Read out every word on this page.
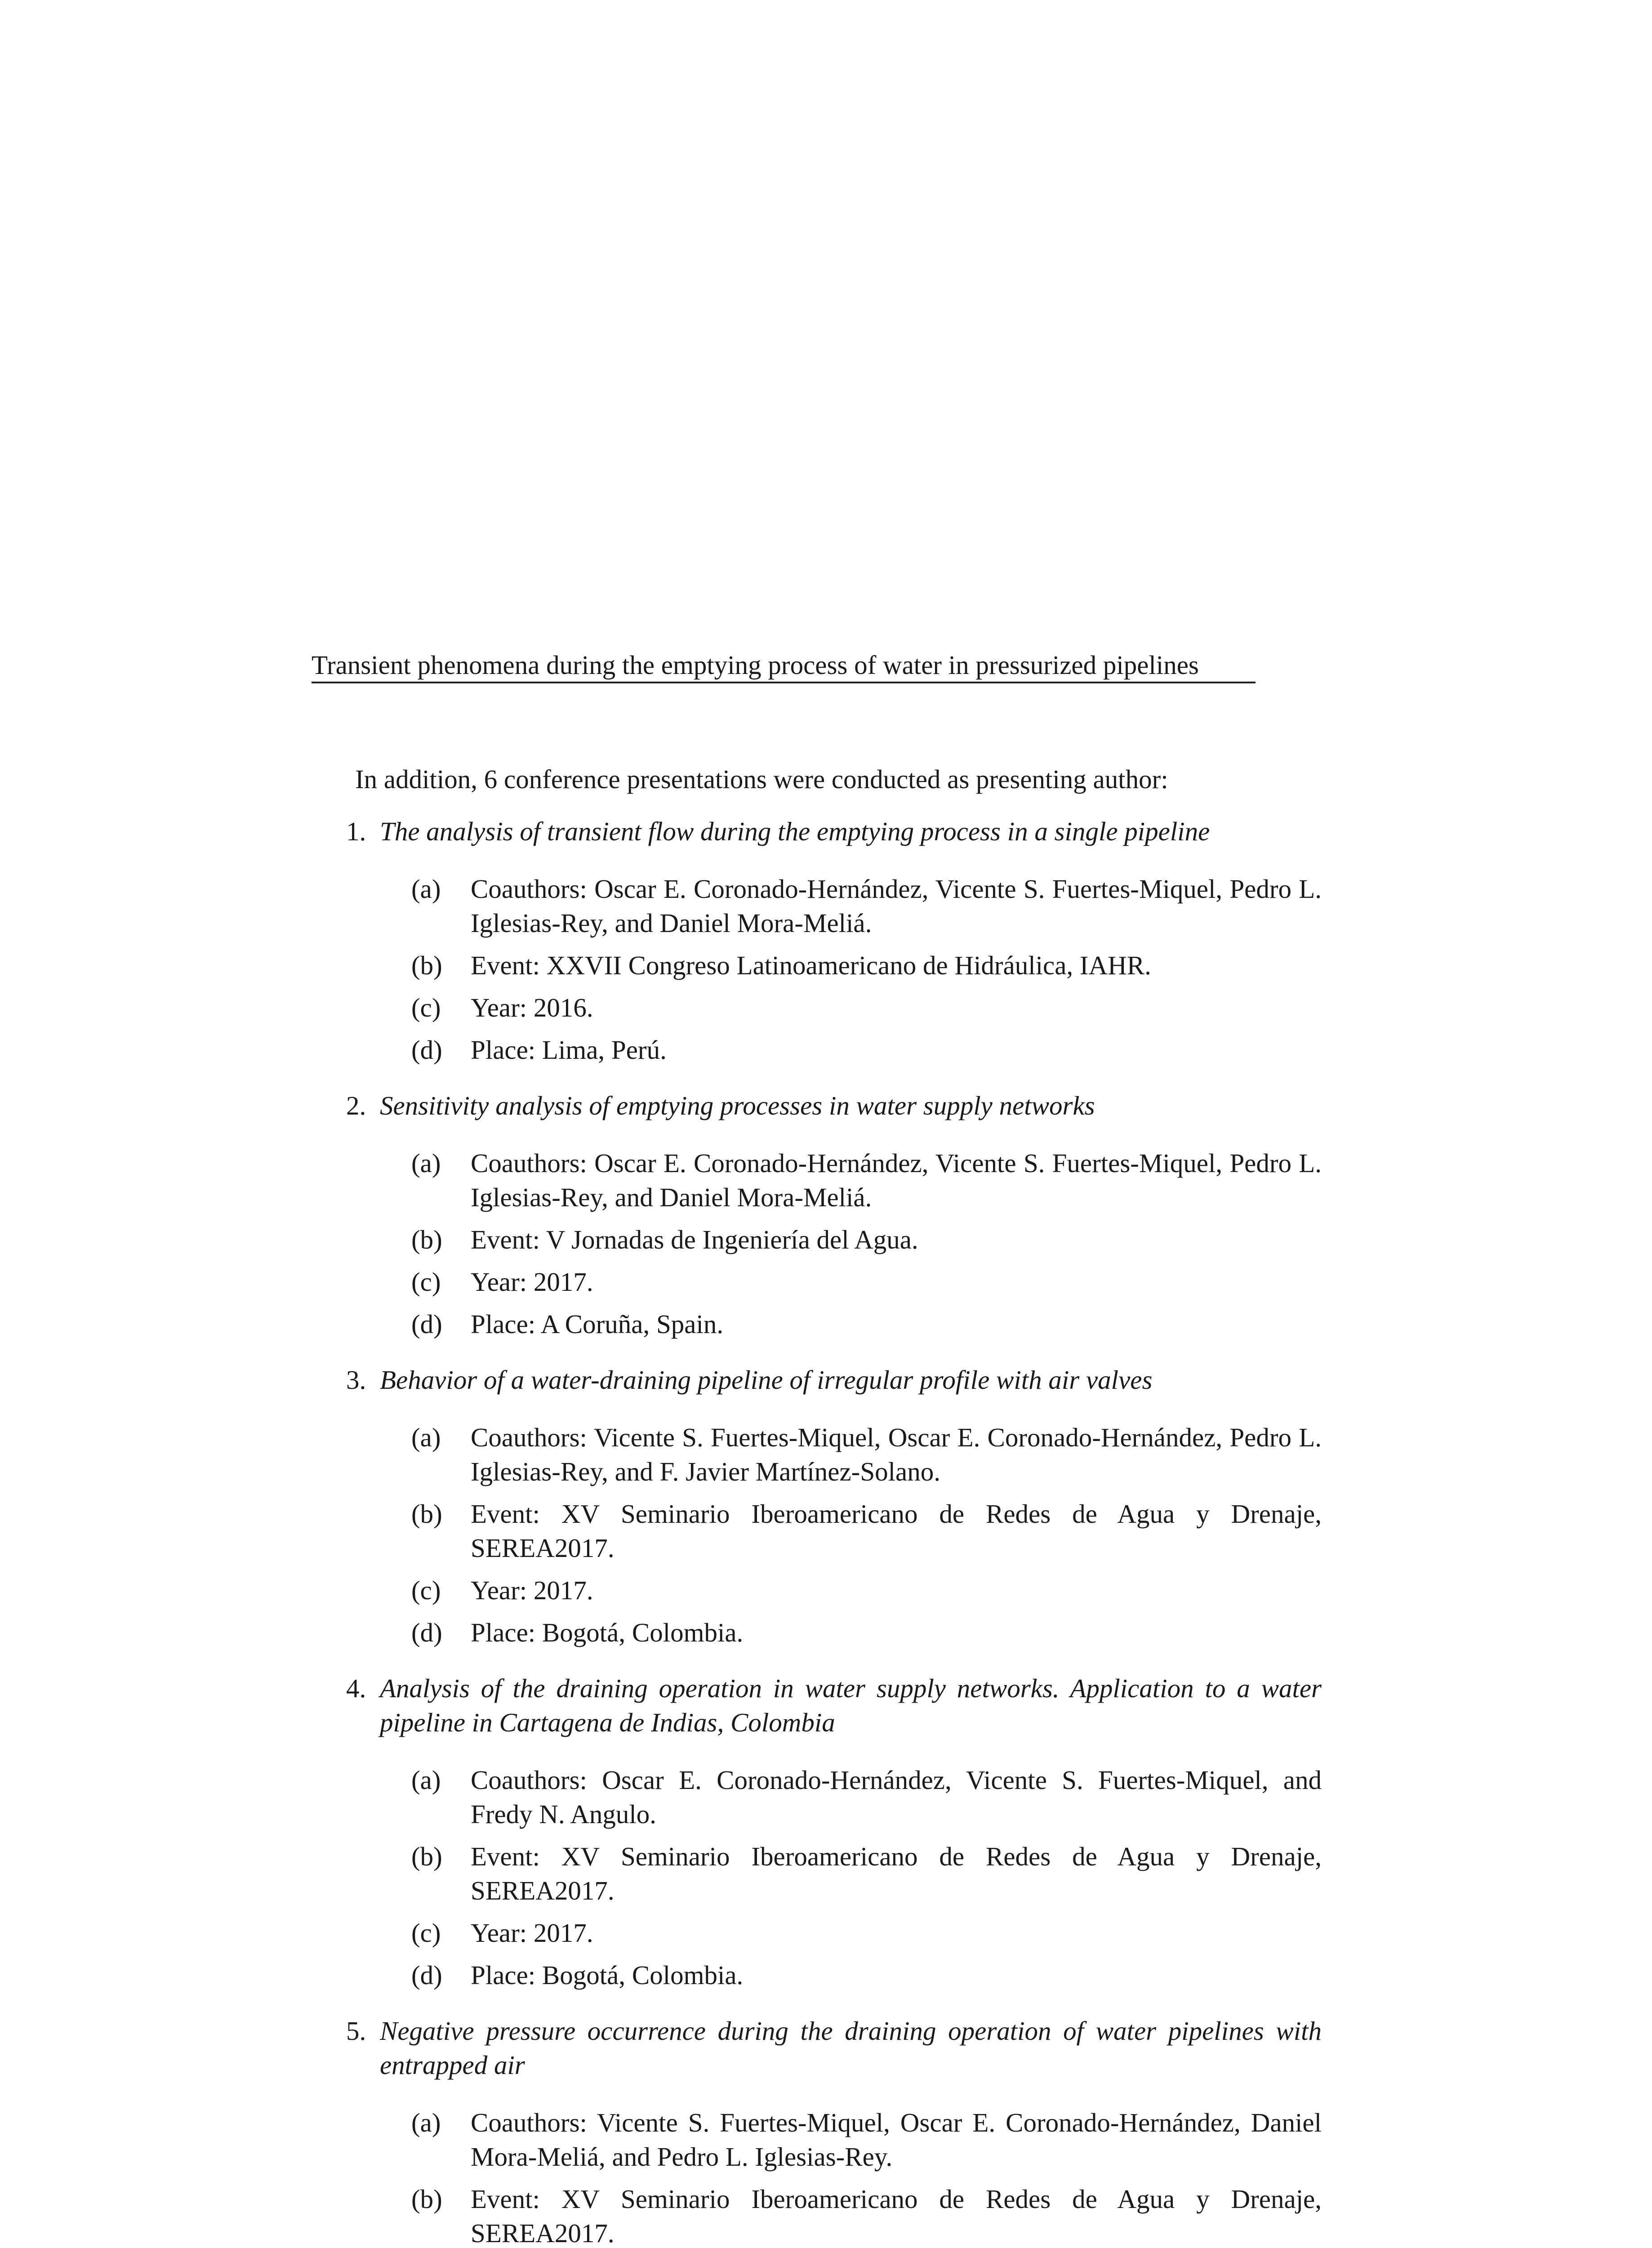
Transient phenomena during the emptying process of water in pressurized pipelines

In addition, 6 conference presentations were conducted as presenting author:

1. The analysis of transient flow during the emptying process in a single pipeline
(a)	Coauthors: Oscar E. Coronado-Hernández, Vicente S. Fuertes-Miquel, Pedro L. Iglesias-Rey, and Daniel Mora-Meliá.
(b)	Event: XXVII Congreso Latinoamericano de Hidráulica, IAHR.
(c)	Year: 2016.
(d)	Place: Lima, Perú.
2. Sensitivity analysis of emptying processes in water supply networks
(a)	Coauthors: Oscar E. Coronado-Hernández, Vicente S. Fuertes-Miquel, Pedro L. Iglesias-Rey, and Daniel Mora-Meliá.
(b)	Event: V Jornadas de Ingeniería del Agua.
(c)	Year: 2017.
(d)	Place: A Coruña, Spain.
3. Behavior of a water-draining pipeline of irregular profile with air valves
(a)	Coauthors: Vicente S. Fuertes-Miquel, Oscar E. Coronado-Hernández, Pedro L. Iglesias-Rey, and F. Javier Martínez-Solano.
(b)	Event: XV Seminario Iberoamericano de Redes de Agua y Drenaje, SEREA2017.
(c)	Year: 2017.
(d)	Place: Bogotá, Colombia.
4. Analysis of the draining operation in water supply networks. Application to a water pipeline in Cartagena de Indias, Colombia
(a)	Coauthors: Oscar E. Coronado-Hernández, Vicente S. Fuertes-Miquel, and Fredy N. Angulo.
(b)	Event: XV Seminario Iberoamericano de Redes de Agua y Drenaje, SEREA2017.
(c)	Year: 2017.
(d)	Place: Bogotá, Colombia.
5. Negative pressure occurrence during the draining operation of water pipelines with entrapped air
(a)	Coauthors: Vicente S. Fuertes-Miquel, Oscar E. Coronado-Hernández, Daniel Mora-Meliá, and Pedro L. Iglesias-Rey.
(b)	Event: XV Seminario Iberoamericano de Redes de Agua y Drenaje, SEREA2017.
